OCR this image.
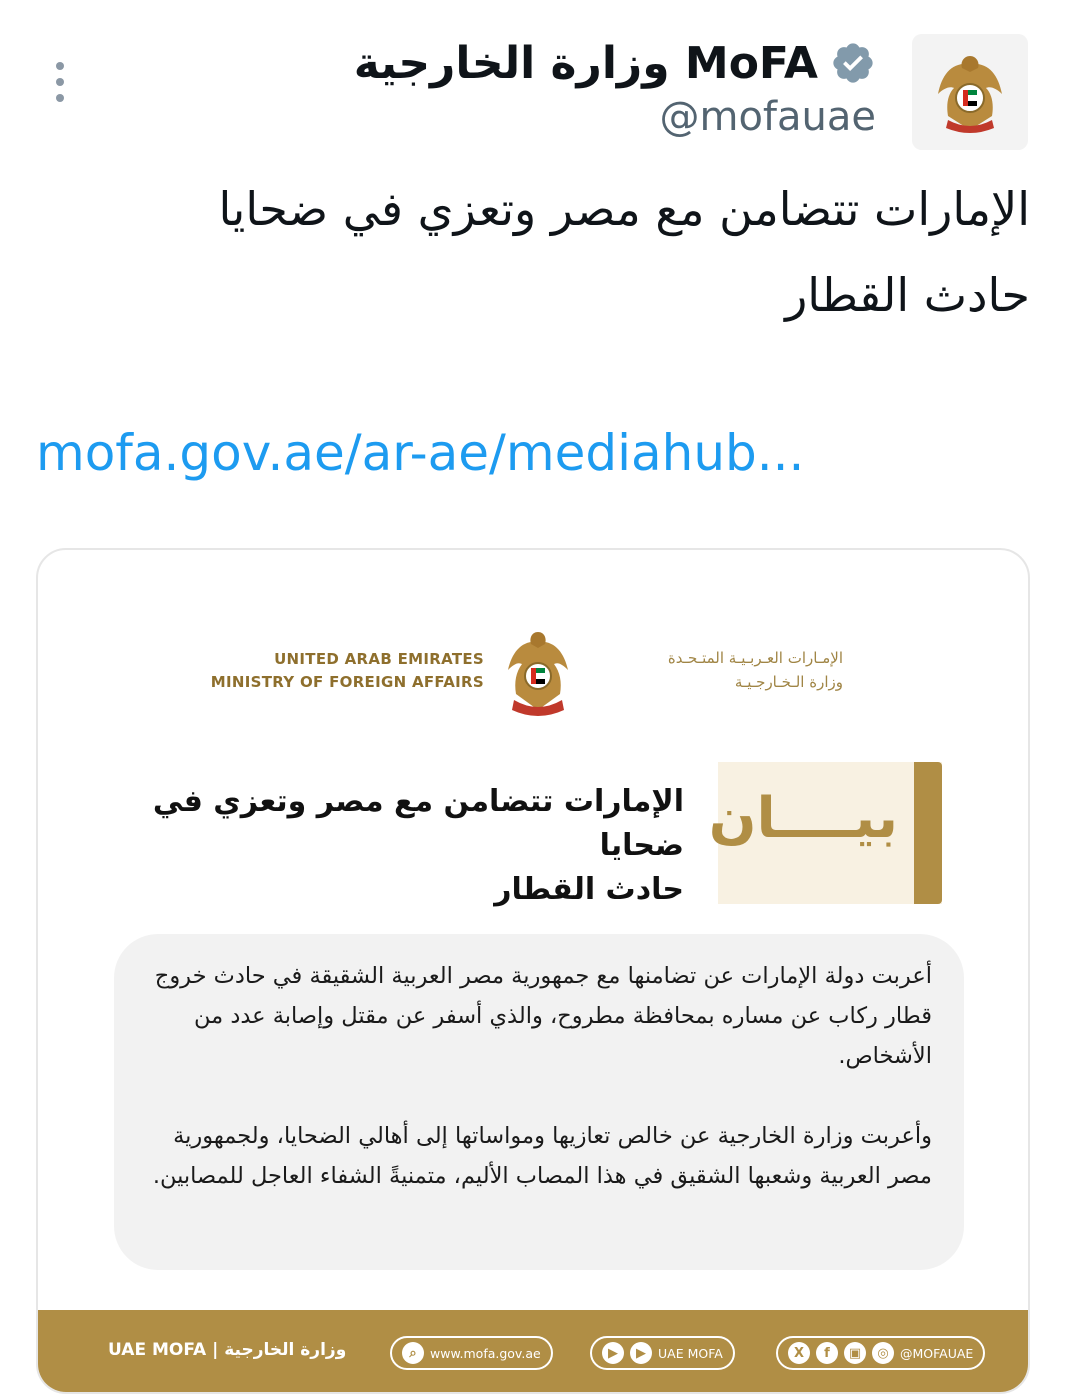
وزارة الخارجية MoFA
@mofauae
الإمارات تتضامن مع مصر وتعزي في ضحايا
حادث القطار
mofa.gov.ae/ar-ae/mediahub...
UNITED ARAB EMIRATES
MINISTRY OF FOREIGN AFFAIRS
الإمـارات العـربـيـة المتـحـدة
وزارة الـخـارجـيـة
بيــــان
الإمارات تتضامن مع مصر وتعزي في ضحايا
حادث القطار

أعربت دولة الإمارات عن تضامنها مع جمهورية مصر العربية الشقيقة في حادث خروج قطار ركاب عن مساره بمحافظة مطروح، والذي أسفر عن مقتل وإصابة عدد من الأشخاص.

وأعربت وزارة الخارجية عن خالص تعازيها ومواساتها إلى أهالي الضحايا، ولجمهورية مصر العربية وشعبها الشقيق في هذا المصاب الأليم، متمنيةً الشفاء العاجل للمصابين.

UAE MOFA | وزارة الخارجية	⌕	www.mofa.gov.ae	▶	▶ UAE MOFA	X	f	▣	◎ @MOFAUAE
